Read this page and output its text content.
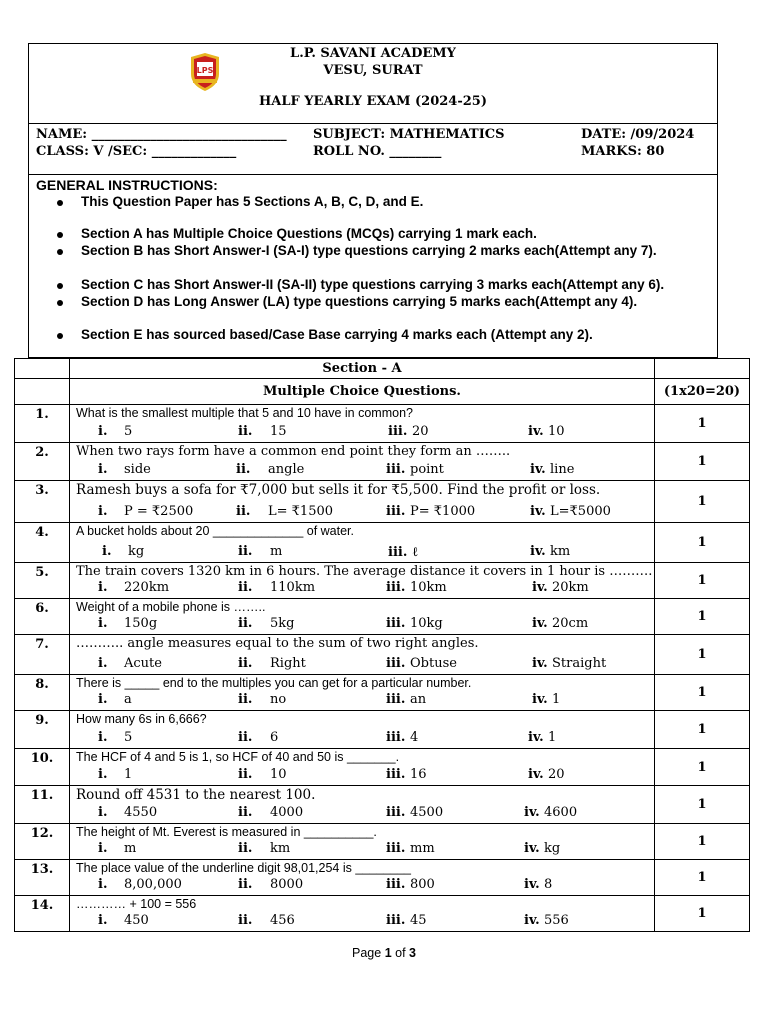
LPS
L.P. SAVANI ACADEMY
VESU, SURAT
HALF YEARLY EXAM (2024-25)
NAME: ______________________________ SUBJECT: MATHEMATICS	DATE: /09/2024
CLASS: V /SEC: _____________	ROLL NO. ________	MARKS: 80
GENERAL INSTRUCTIONS:
This Question Paper has 5 Sections A, B, C, D, and E.
Section A has Multiple Choice Questions (MCQs) carrying 1 mark each.
Section B has Short Answer-I (SA-I) type questions carrying 2 marks each(Attempt any 7).
Section C has Short Answer-II (SA-II) type questions carrying 3 marks each(Attempt any 6).
Section D has Long Answer (LA) type questions carrying 5 marks each(Attempt any 4).
Section E has sourced based/Case Base carrying 4 marks each (Attempt any 2).
	Section - A	
	Multiple Choice Questions.	(1x20=20)

1.	What is the smallest multiple that 5 and 10 have in common?
i. 5 ii. 15 iii. 20 iv. 10	1

2.	When two rays form have a common end point they form an ……..
i. side ii. angle iii. point iv. line	1

3.	Ramesh buys a sofa for ₹7,000 but sells it for ₹5,500. Find the profit or loss.
i. P = ₹2500 ii. L= ₹1500 iii. P= ₹1000 iv. L=₹5000	1

4.	A bucket holds about 20 _____________ of water.
i. kg ii. m iii. ℓ iv. km	1

5.	The train covers 1320 km in 6 hours. The average distance it covers in 1 hour is ……….
i. 220km ii. 110km iii. 10km iv. 20km	1

6.	Weight of a mobile phone is ……..
i. 150g ii. 5kg iii. 10kg iv. 20cm	1

7.	……….. angle measures equal to the sum of two right angles.
i. Acute ii. Right iii. Obtuse iv. Straight	1

8.	There is _____ end to the multiples you can get for a particular number.
i. a ii. no iii. an iv. 1	1

9.	How many 6s in 6,666?
i. 5 ii. 6 iii. 4 iv. 1	1

10.	The HCF of 4 and 5 is 1, so HCF of 40 and 50 is _______.
i. 1 ii. 10 iii. 16 iv. 20	1

11.	Round off 4531 to the nearest 100.
i. 4550 ii. 4000 iii. 4500 iv. 4600	1

12.	The height of Mt. Everest is measured in __________.
i. m ii. km iii. mm iv. kg	1

13.	The place value of the underline digit 98,01,254 is ________
i. 8,00,000 ii. 8000 iii. 800 iv. 8	1

14.	………… + 100 = 556
i. 450 ii. 456 iii. 45 iv. 556	1
Page 1 of 3
